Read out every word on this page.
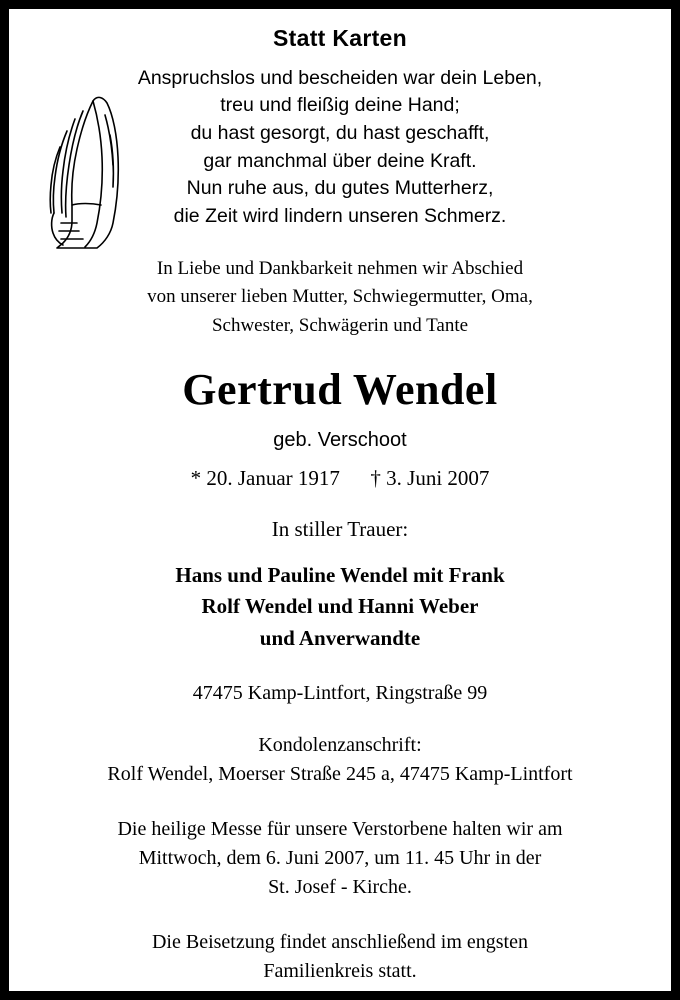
Statt Karten
Anspruchslos und bescheiden war dein Leben,
treu und fleißig deine Hand;
du hast gesorgt, du hast geschafft,
gar manchmal über deine Kraft.
Nun ruhe aus, du gutes Mutterherz,
die Zeit wird lindern unseren Schmerz.
In Liebe und Dankbarkeit nehmen wir Abschied
von unserer lieben Mutter, Schwiegermutter, Oma,
Schwester, Schwägerin und Tante
Gertrud Wendel
geb. Verschoot
* 20. Januar 1917 † 3. Juni 2007
In stiller Trauer:
Hans und Pauline Wendel mit Frank
Rolf Wendel und Hanni Weber
und Anverwandte
47475 Kamp-Lintfort, Ringstraße 99
Kondolenzanschrift:
Rolf Wendel, Moerser Straße 245 a, 47475 Kamp-Lintfort
Die heilige Messe für unsere Verstorbene halten wir am
Mittwoch, dem 6. Juni 2007, um 11. 45 Uhr in der
St. Josef - Kirche.
Die Beisetzung findet anschließend im engsten
Familienkreis statt.
